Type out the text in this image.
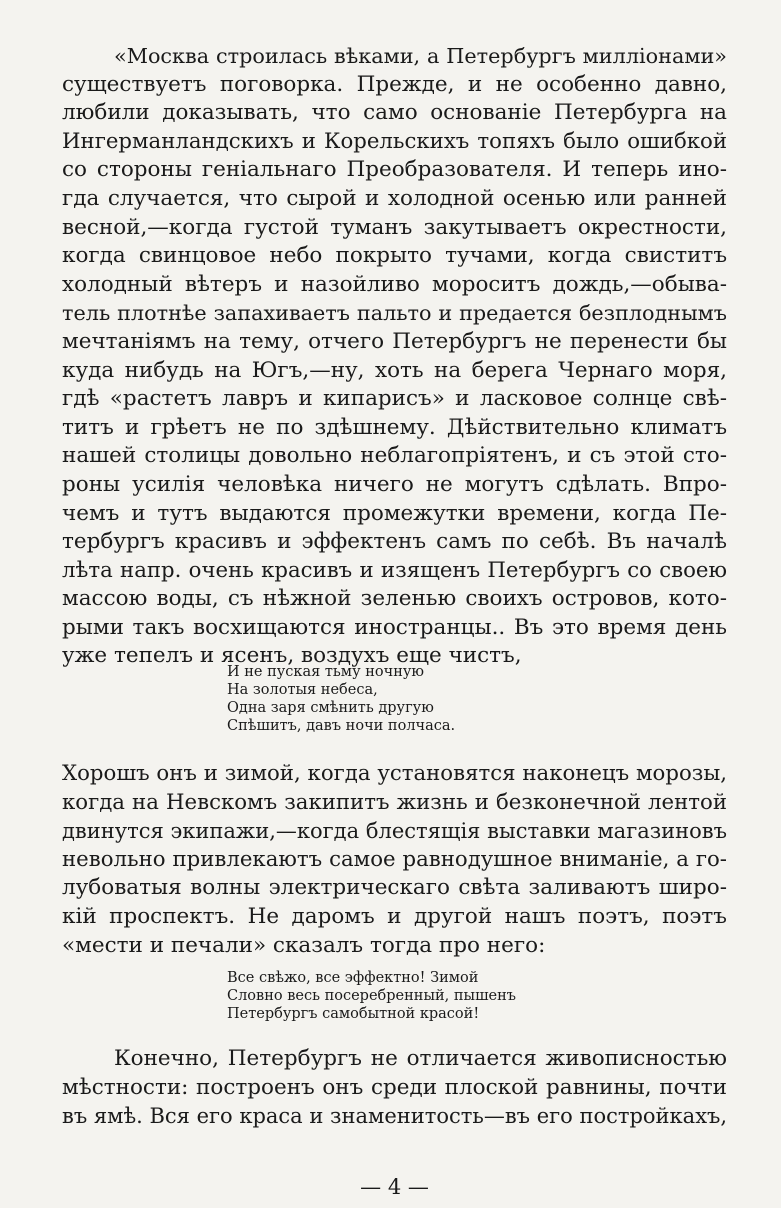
«Москва строилась вѣками, а Петербургъ милліонами»
существуетъ поговорка. Прежде, и не особенно давно,
любили доказывать, что само основаніе Петербурга на
Ингерманландскихъ и Корельскихъ топяхъ было ошибкой
со стороны геніальнаго Преобразователя. И теперь ино-
гда случается, что сырой и холодной осенью или ранней
весной,—когда густой туманъ закутываетъ окрестности,
когда свинцовое небо покрыто тучами, когда свиститъ
холодный вѣтеръ и назойливо мороситъ дождь,—обыва-
тель плотнѣе запахиваетъ пальто и предается безплоднымъ
мечтаніямъ на тему, отчего Петербургъ не перенести бы
куда нибудь на Югъ,—ну, хоть на берега Чернаго моря,
гдѣ «растетъ лавръ и кипарисъ» и ласковое солнце свѣ-
титъ и грѣетъ не по здѣшнему. Дѣйствительно климатъ
нашей столицы довольно неблагопріятенъ, и съ этой сто-
роны усилія человѣка ничего не могутъ сдѣлать. Впро-
чемъ и тутъ выдаются промежутки времени, когда Пе-
тербургъ красивъ и эффектенъ самъ по себѣ. Въ началѣ
лѣта напр. очень красивъ и изященъ Петербургъ со своею
массою воды, съ нѣжной зеленью своихъ островов, кото-
рыми такъ восхищаются иностранцы.. Въ это время день
уже тепелъ и ясенъ, воздухъ еще чистъ,
И не пуская тьму ночную
На золотыя небеса,
Одна заря смѣнить другую
Спѣшитъ, давъ ночи полчаса.
Хорошъ онъ и зимой, когда установятся наконецъ морозы,
когда на Невскомъ закипитъ жизнь и безконечной лентой
двинутся экипажи,—когда блестящія выставки магазиновъ
невольно привлекаютъ самое равнодушное вниманіе, а го-
лубоватыя волны электрическаго свѣта заливаютъ широ-
кій проспектъ. Не даромъ и другой нашъ поэтъ, поэтъ
«мести и печали» сказалъ тогда про него:
Все свѣжо, все эффектно! Зимой
Словно весь посеребренный, пышенъ
Петербургъ самобытной красой!
Конечно, Петербургъ не отличается живописностью
мѣстности: построенъ онъ среди плоской равнины, почти
въ ямѣ. Вся его краса и знаменитость—въ его постройкахъ,
— 4 —
